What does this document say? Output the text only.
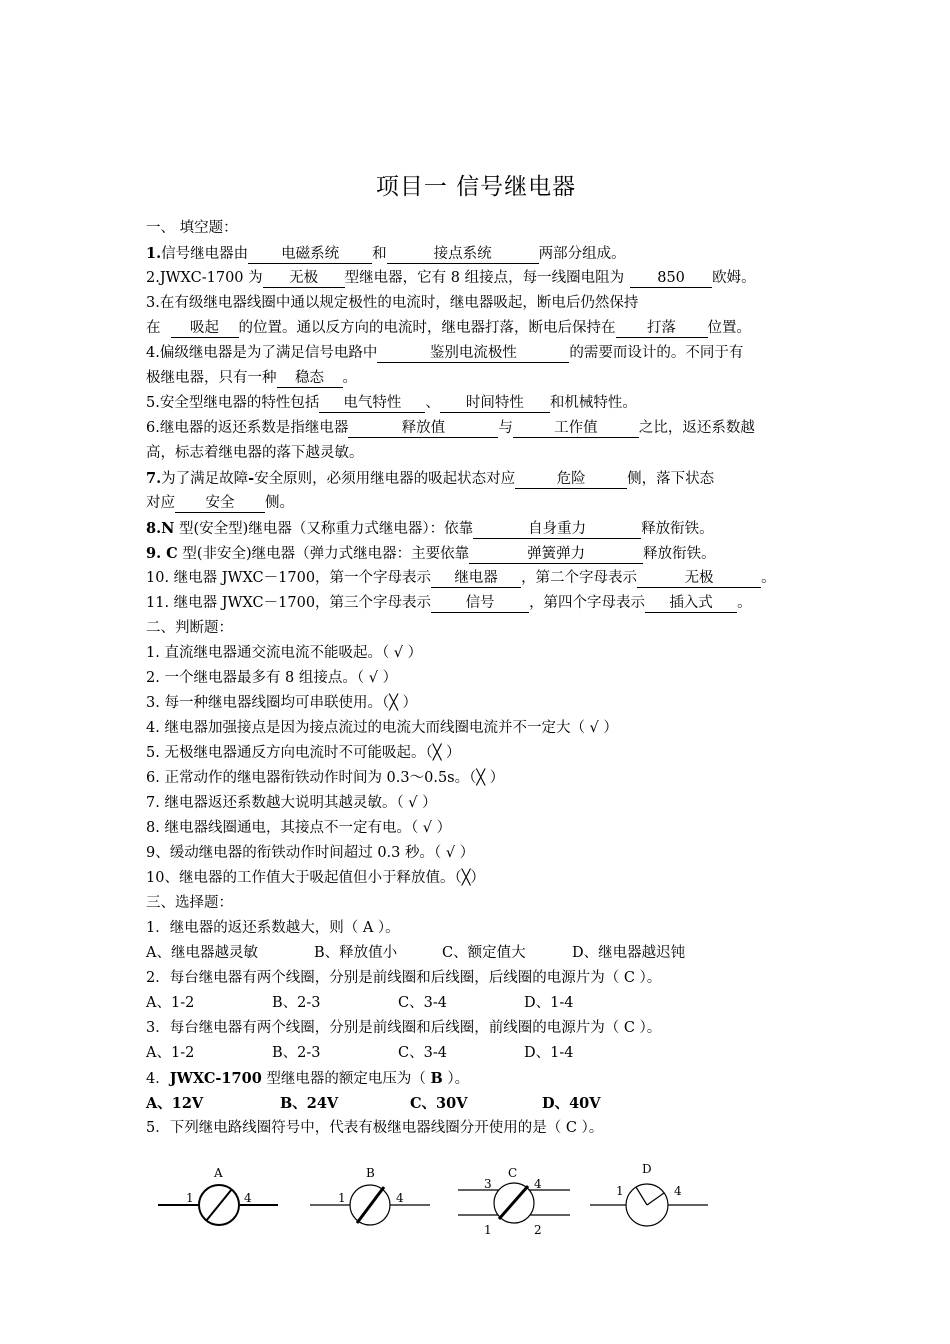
项目一 信号继电器
一、 填空题：
1.信号继电器由 电磁系统 和	接点系统	两部分组成。
2.JWXC-1700 为 无极 型继电器，它有 8 组接点，每一线圈电阻为 850 欧姆。
3.在有级继电器线圈中通以规定极性的电流时，继电器吸起，断电后仍然保持
在 吸起 的位置。通以反方向的电流时，继电器打落，断电后保持在 打落 位置。
4.偏级继电器是为了满足信号电路中	鉴别电流极性	的需要而设计的。不同于有
极继电器，只有一种 稳态 。
5.安全型继电器的特性包括 电气特性 、 时间特性 和机械特性。
6.继电器的返还系数是指继电器	释放值	与	工作值	之比，返还系数越
高，标志着继电器的落下越灵敏。
7.为了满足故障-安全原则，必须用继电器的吸起状态对应	危险	侧，落下状态
对应 安全 侧。
8.N 型(安全型)继电器（又称重力式继电器）：依靠	自身重力	释放衔铁。
9. C 型(非安全)继电器（弹力式继电器：主要依靠	弹簧弹力	释放衔铁。
10. 继电器 JWXC－1700，第一个字母表示 继电器 ，第二个字母表示	无极	。
11. 继电器 JWXC－1700，第三个字母表示 信号 ，第四个字母表示 插入式 。
二、判断题：
1. 直流继电器通交流电流不能吸起。（ √ ）
2. 一个继电器最多有 8 组接点。（ √ ）
3. 每一种继电器线圈均可串联使用。（╳ ）
4. 继电器加强接点是因为接点流过的电流大而线圈电流并不一定大（ √ ）
5. 无极继电器通反方向电流时不可能吸起。（╳ ）
6. 正常动作的继电器衔铁动作时间为 0.3～0.5s。（╳ ）
7. 继电器返还系数越大说明其越灵敏。（ √ ）
8. 继电器线圈通电，其接点不一定有电。（ √ ）
9、缓动继电器的衔铁动作时间超过 0.3 秒。（ √ ）
10、继电器的工作值大于吸起值但小于释放值。（╳）
三、选择题：
1．继电器的返还系数越大，则（ A ）。
A、继电器越灵敏	B、释放值小	C、额定值大	D、继电器越迟钝
2．每台继电器有两个线圈，分别是前线圈和后线圈，后线圈的电源片为（ C ）。
A、1-2	B、2-3	C、3-4	D、1-4
3．每台继电器有两个线圈，分别是前线圈和后线圈，前线圈的电源片为（ C ）。
A、1-2	B、2-3	C、3-4	D、1-4
4．JWXC-1700 型继电器的额定电压为（ B ）。
A、12V	B、24V	C、30V	D、40V
5．下列继电路线圈符号中，代表有极继电器线圈分开使用的是（ C ）。
A
1	4
B
1	4
C
3	4
1	2
D
1	4
